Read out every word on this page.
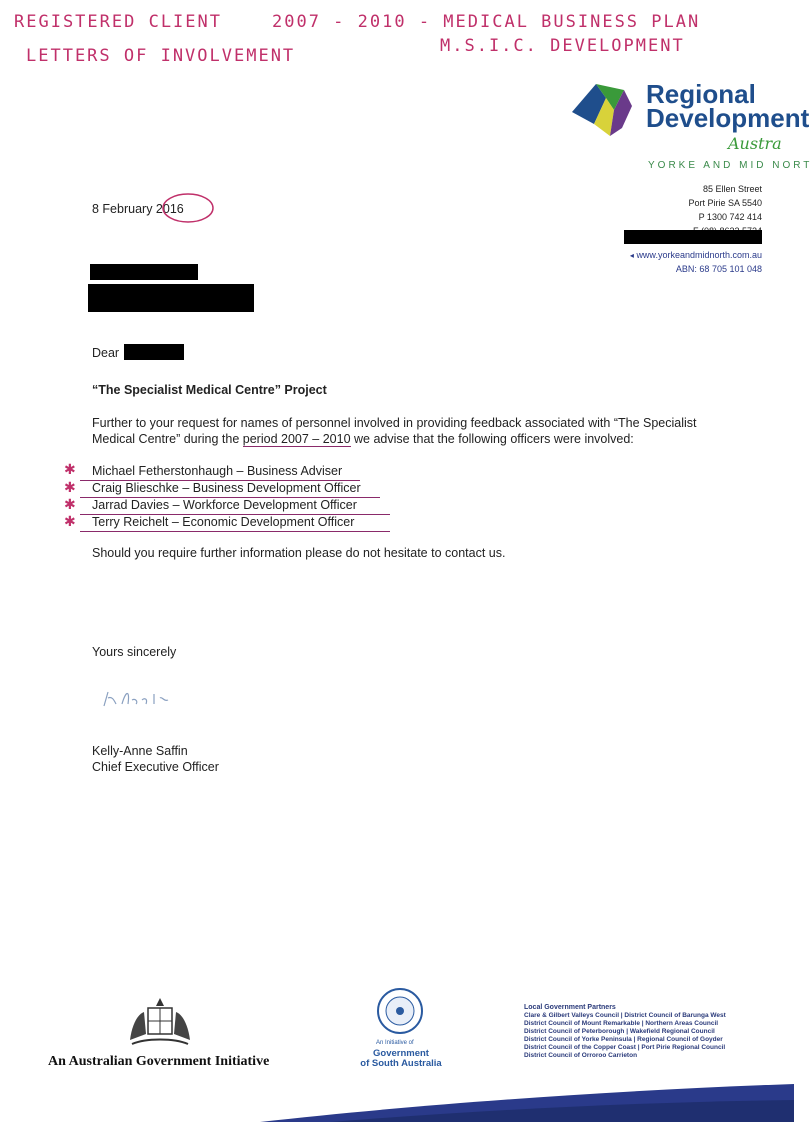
REGISTERED CLIENT	2007 - 2010 - MEDICAL BUSINESS PLAN
LETTERS OF INVOLVEMENT	M.S.I.C. DEVELOPMENT
Regional
Development
Austra
YORKE AND MID NORT
85 Ellen Street
Port Pirie SA 5540
P 1300 742 414
◂ www.yorkeandmidnorth.com.au
ABN: 68 705 101 048
8 February 2016
Dear
“The Specialist Medical Centre” Project
Further to your request for names of personnel involved in providing feedback associated with “The Specialist
Medical Centre” during the period 2007 – 2010 we advise that the following officers were involved:
✱ Michael Fetherstonhaugh – Business Adviser
✱ Craig Blieschke – Business Development Officer
✱ Jarrad Davies – Workforce Development Officer
✱ Terry Reichelt – Economic Development Officer
Should you require further information please do not hesitate to contact us.
Yours sincerely
Kelly-Anne Saffin
Chief Executive Officer
An Australian Government Initiative
An Initiative of
Government
of South Australia
Local Government Partners
Clare & Gilbert Valleys Council | District Council of Barunga West
District Council of Mount Remarkable | Northern Areas Council
District Council of Peterborough | Wakefield Regional Council
District Council of Yorke Peninsula | Regional Council of Goyder
District Council of the Copper Coast | Port Pirie Regional Council
District Council of Orroroo Carrieton
